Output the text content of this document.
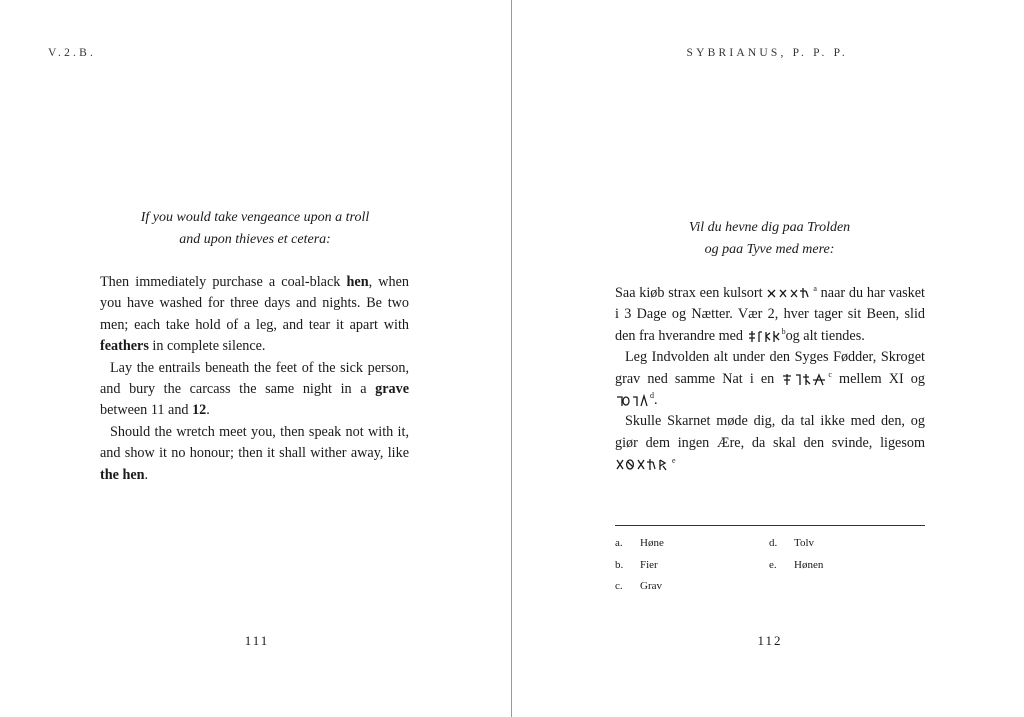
V.2.B.
If you would take vengeance upon a troll
and upon thieves et cetera:

Then immediately purchase a coal-black hen, when you have washed for three days and nights. Be two men; each take hold of a leg, and tear it apart with feathers in complete silence.

Lay the entrails beneath the feet of the sick person, and bury the carcass the same night in a grave between 11 and 12.

Should the wretch meet you, then speak not with it, and show it no honour; then it shall wither away, like the hen.

111
SYBRIANUS, P. P. P.
Vil du hevne dig paa Trolden
og paa Tyve med mere:

Saa kiøb strax een kulsort	$^a$ naar du har vasket i 3 Dage og Nætter. Vær 2, hver tager sit Been, slid den fra hverandre med	$^b$og alt tiendes.

Leg Indvolden alt under den Syges Fødder, Skroget grav ned samme Nat i en	$^c$ mellem XI og
$^d$.

Skulle Skarnet møde dig, da tal ikke med den, og giør dem ingen Ære, da skal den svinde, ligesom
$^e$

a.	Høne
b.	Fier
c.	Grav
d.	Tolv
e.	Hønen
112
